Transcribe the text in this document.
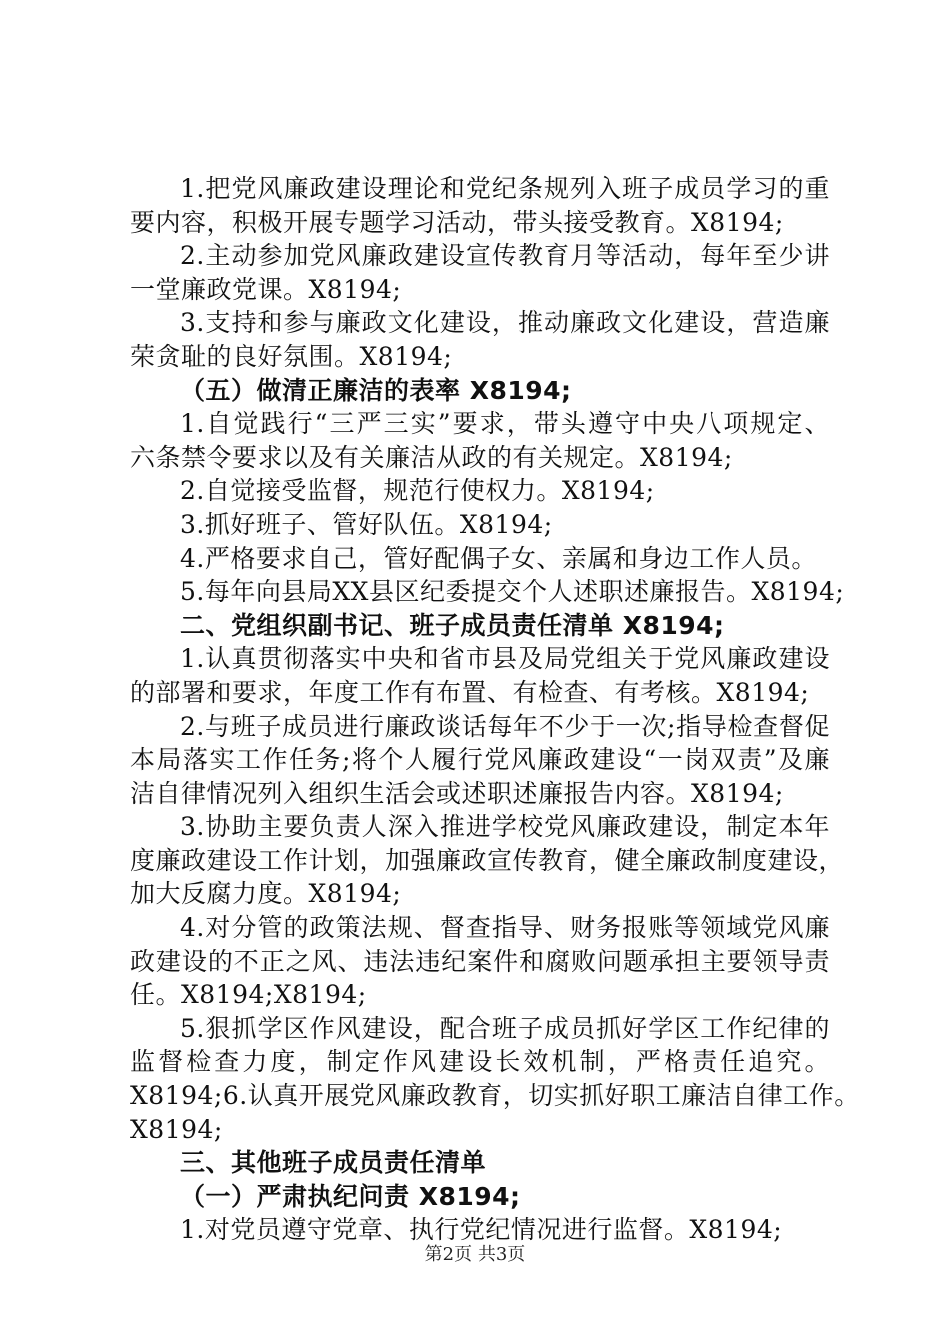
1.把党风廉政建设理论和党纪条规列入班子成员学习的重
要内容，积极开展专题学习活动，带头接受教育。X8194;
2.主动参加党风廉政建设宣传教育月等活动，每年至少讲
一堂廉政党课。X8194;
3.支持和参与廉政文化建设，推动廉政文化建设，营造廉
荣贪耻的良好氛围。X8194;
（五）做清正廉洁的表率 X8194;
1.自觉践行“三严三实”要求，带头遵守中央八项规定、
六条禁令要求以及有关廉洁从政的有关规定。X8194;
2.自觉接受监督，规范行使权力。X8194;
3.抓好班子、管好队伍。X8194;
4.严格要求自己，管好配偶子女、亲属和身边工作人员。
5.每年向县局XX县区纪委提交个人述职述廉报告。X8194;
二、党组织副书记、班子成员责任清单 X8194;
1.认真贯彻落实中央和省市县及局党组关于党风廉政建设
的部署和要求，年度工作有布置、有检查、有考核。X8194;
2.与班子成员进行廉政谈话每年不少于一次;指导检查督促
本局落实工作任务;将个人履行党风廉政建设“一岗双责”及廉
洁自律情况列入组织生活会或述职述廉报告内容。X8194;
3.协助主要负责人深入推进学校党风廉政建设，制定本年
度廉政建设工作计划，加强廉政宣传教育，健全廉政制度建设，
加大反腐力度。X8194;
4.对分管的政策法规、督查指导、财务报账等领域党风廉
政建设的不正之风、违法违纪案件和腐败问题承担主要领导责
任。X8194;X8194;
5.狠抓学区作风建设，配合班子成员抓好学区工作纪律的
监督检查力度，制定作风建设长效机制，严格责任追究。
X8194;6.认真开展党风廉政教育，切实抓好职工廉洁自律工作。
X8194;
三、其他班子成员责任清单
（一）严肃执纪问责 X8194;
1.对党员遵守党章、执行党纪情况进行监督。X8194;
第2页 共3页
